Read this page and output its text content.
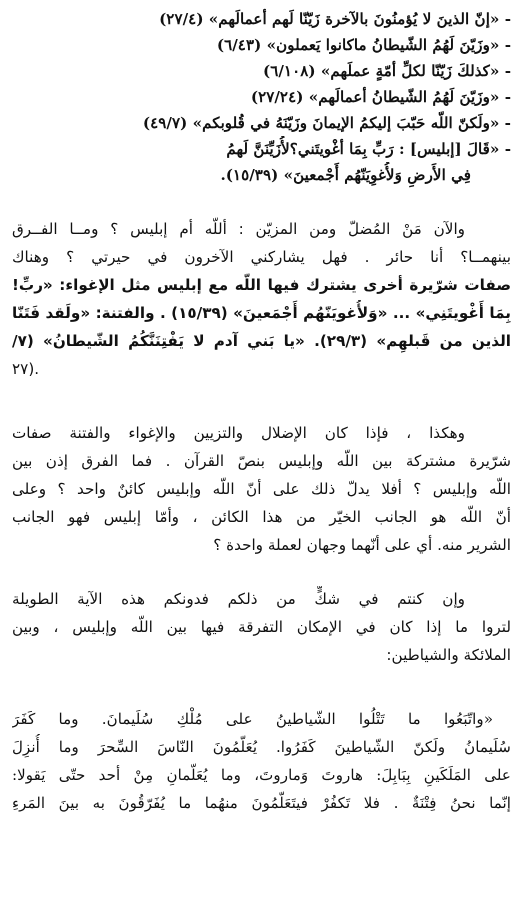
- «إنّ الذينَ لا يُؤمنُونَ بالآخرة زَيّنّا لَهم أعمالَهم» (٢٧/٤)
- «وزَيّنَ لَهُمُ الشّيطانُ ماكانوا يَعملون» (٦/٤٣)
- «كذلكَ زَيّنّا لكلِّ أمّةٍ عملَهم» (٦/١٠٨)
- «وزَيّنَ لَهُمُ الشّيطانُ أعمالَهم» (٢٧/٢٤)
- «ولَكنّ اللّه حَبّبَ إليكمُ الإيمانَ وزَيّنَهُ في قُلوبكم» (٤٩/٧)
- «قَالَ [إبليس] : رَبِّ بِمَا أغْويتَني؟لأُزَيِّنَنَّ لَهمُ
فِي الأَرضِ وَلأُغوِيَنّهُم أَجْمعينَ» (١٥/٣٩).
والآن مَنْ المُضلّ ومن المزيّن : أللّه أم إبليس ؟ ومــا الفــرق
بينهمــا؟ أنا حائر . فهل يشاركني الآخرون في حيرتي ؟ وهناك
صفات شرّيرة أخرى يشترك فيها اللّه مع إبليس مثل الإغواء: «ربِّ!
بِمَا أَغْويتَنِي» ... «وَلأُغويَنّهُم أَجْمَعينَ» (١٥/٣٩) . والفتنة: «ولَقد فَتَنّا
الذين من قَبلهِم» (٢٩/٣). «يا بَني آدم لا يَفْتِنَنَّكُمُ الشّيطانُ» (٧/
٢٧).
وهكذا ، فإذا كان الإضلال والتزيين والإغواء والفتنة صفات
شرّيرة مشتركة بين اللّه وإبليس بنصّ القرآن . فما الفرق إذن بين
اللّه وإبليس ؟ أفلا يدلّ ذلك على أنّ اللّه وإبليس كائنٌ واحد ؟ وعلى
أنّ اللّه هو الجانب الخيّر من هذا الكائن ، وأمّا إبليس فهو الجانب
الشرير منه. أي على أنّهما وجهان لعملة واحدة ؟
وإن كنتم في شكٍّ من ذلكم فدونكم هذه الآية الطويلة
لتروا ما إذا كان في الإمكان التفرقة فيها بين اللّه وإبليس ، وبين
الملائكة والشياطين:
«واتّبَعُوا ما تَتْلُوا الشّياطينُ على مُلْكِ سُلَيمانَ. وما كَفَرَ
سُلَيمانُ ولَكنّ الشّياطينَ كَفَرُوا. يُعَلّمُونَ النّاسَ السِّحرَ وما أُنزِلَ
على المَلَكَينِ بِبَابِلَ: هاروتَ وَماروتَ، وما يُعَلّمانِ مِنْ أحد حتّى يَقولا:
إنّما نحنُ فِتْنَةٌ . فلا تَكفُرْ فيتَعَلّمُونَ منهُما ما يُفَرّقُونَ به بينَ المَرءِ
